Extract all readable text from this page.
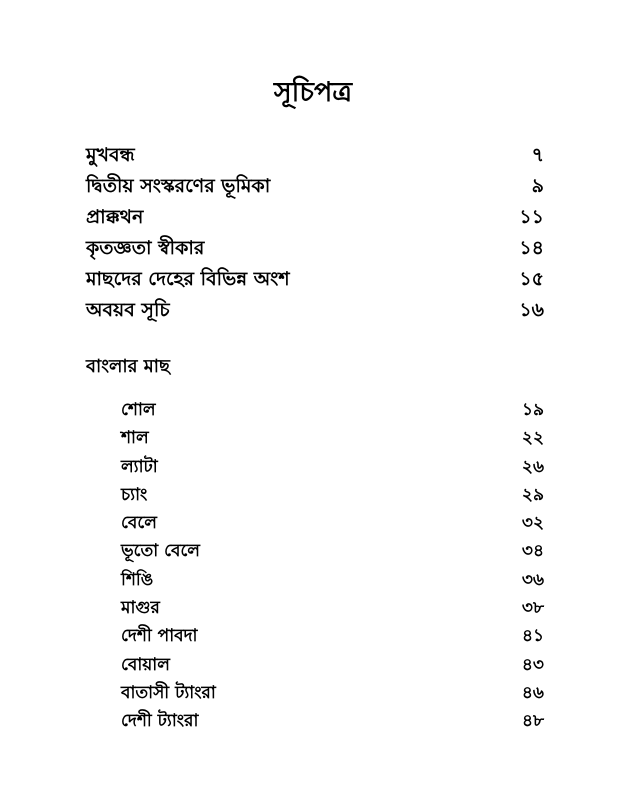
সূচিপত্র
মুখবন্ধ	৭
দ্বিতীয় সংস্করণের ভূমিকা	৯
প্রাক্কথন	১১
কৃতজ্ঞতা স্বীকার	১৪
মাছদের দেহের বিভিন্ন অংশ	১৫
অবয়ব সূচি	১৬
বাংলার মাছ
শোল	১৯
শাল	২২
ল্যাটা	২৬
চ্যাং	২৯
বেলে	৩২
ভূতো বেলে	৩৪
শিঙি	৩৬
মাগুর	৩৮
দেশী পাবদা	৪১
বোয়াল	৪৩
বাতাসী ট্যাংরা	৪৬
দেশী ট্যাংরা	৪৮
